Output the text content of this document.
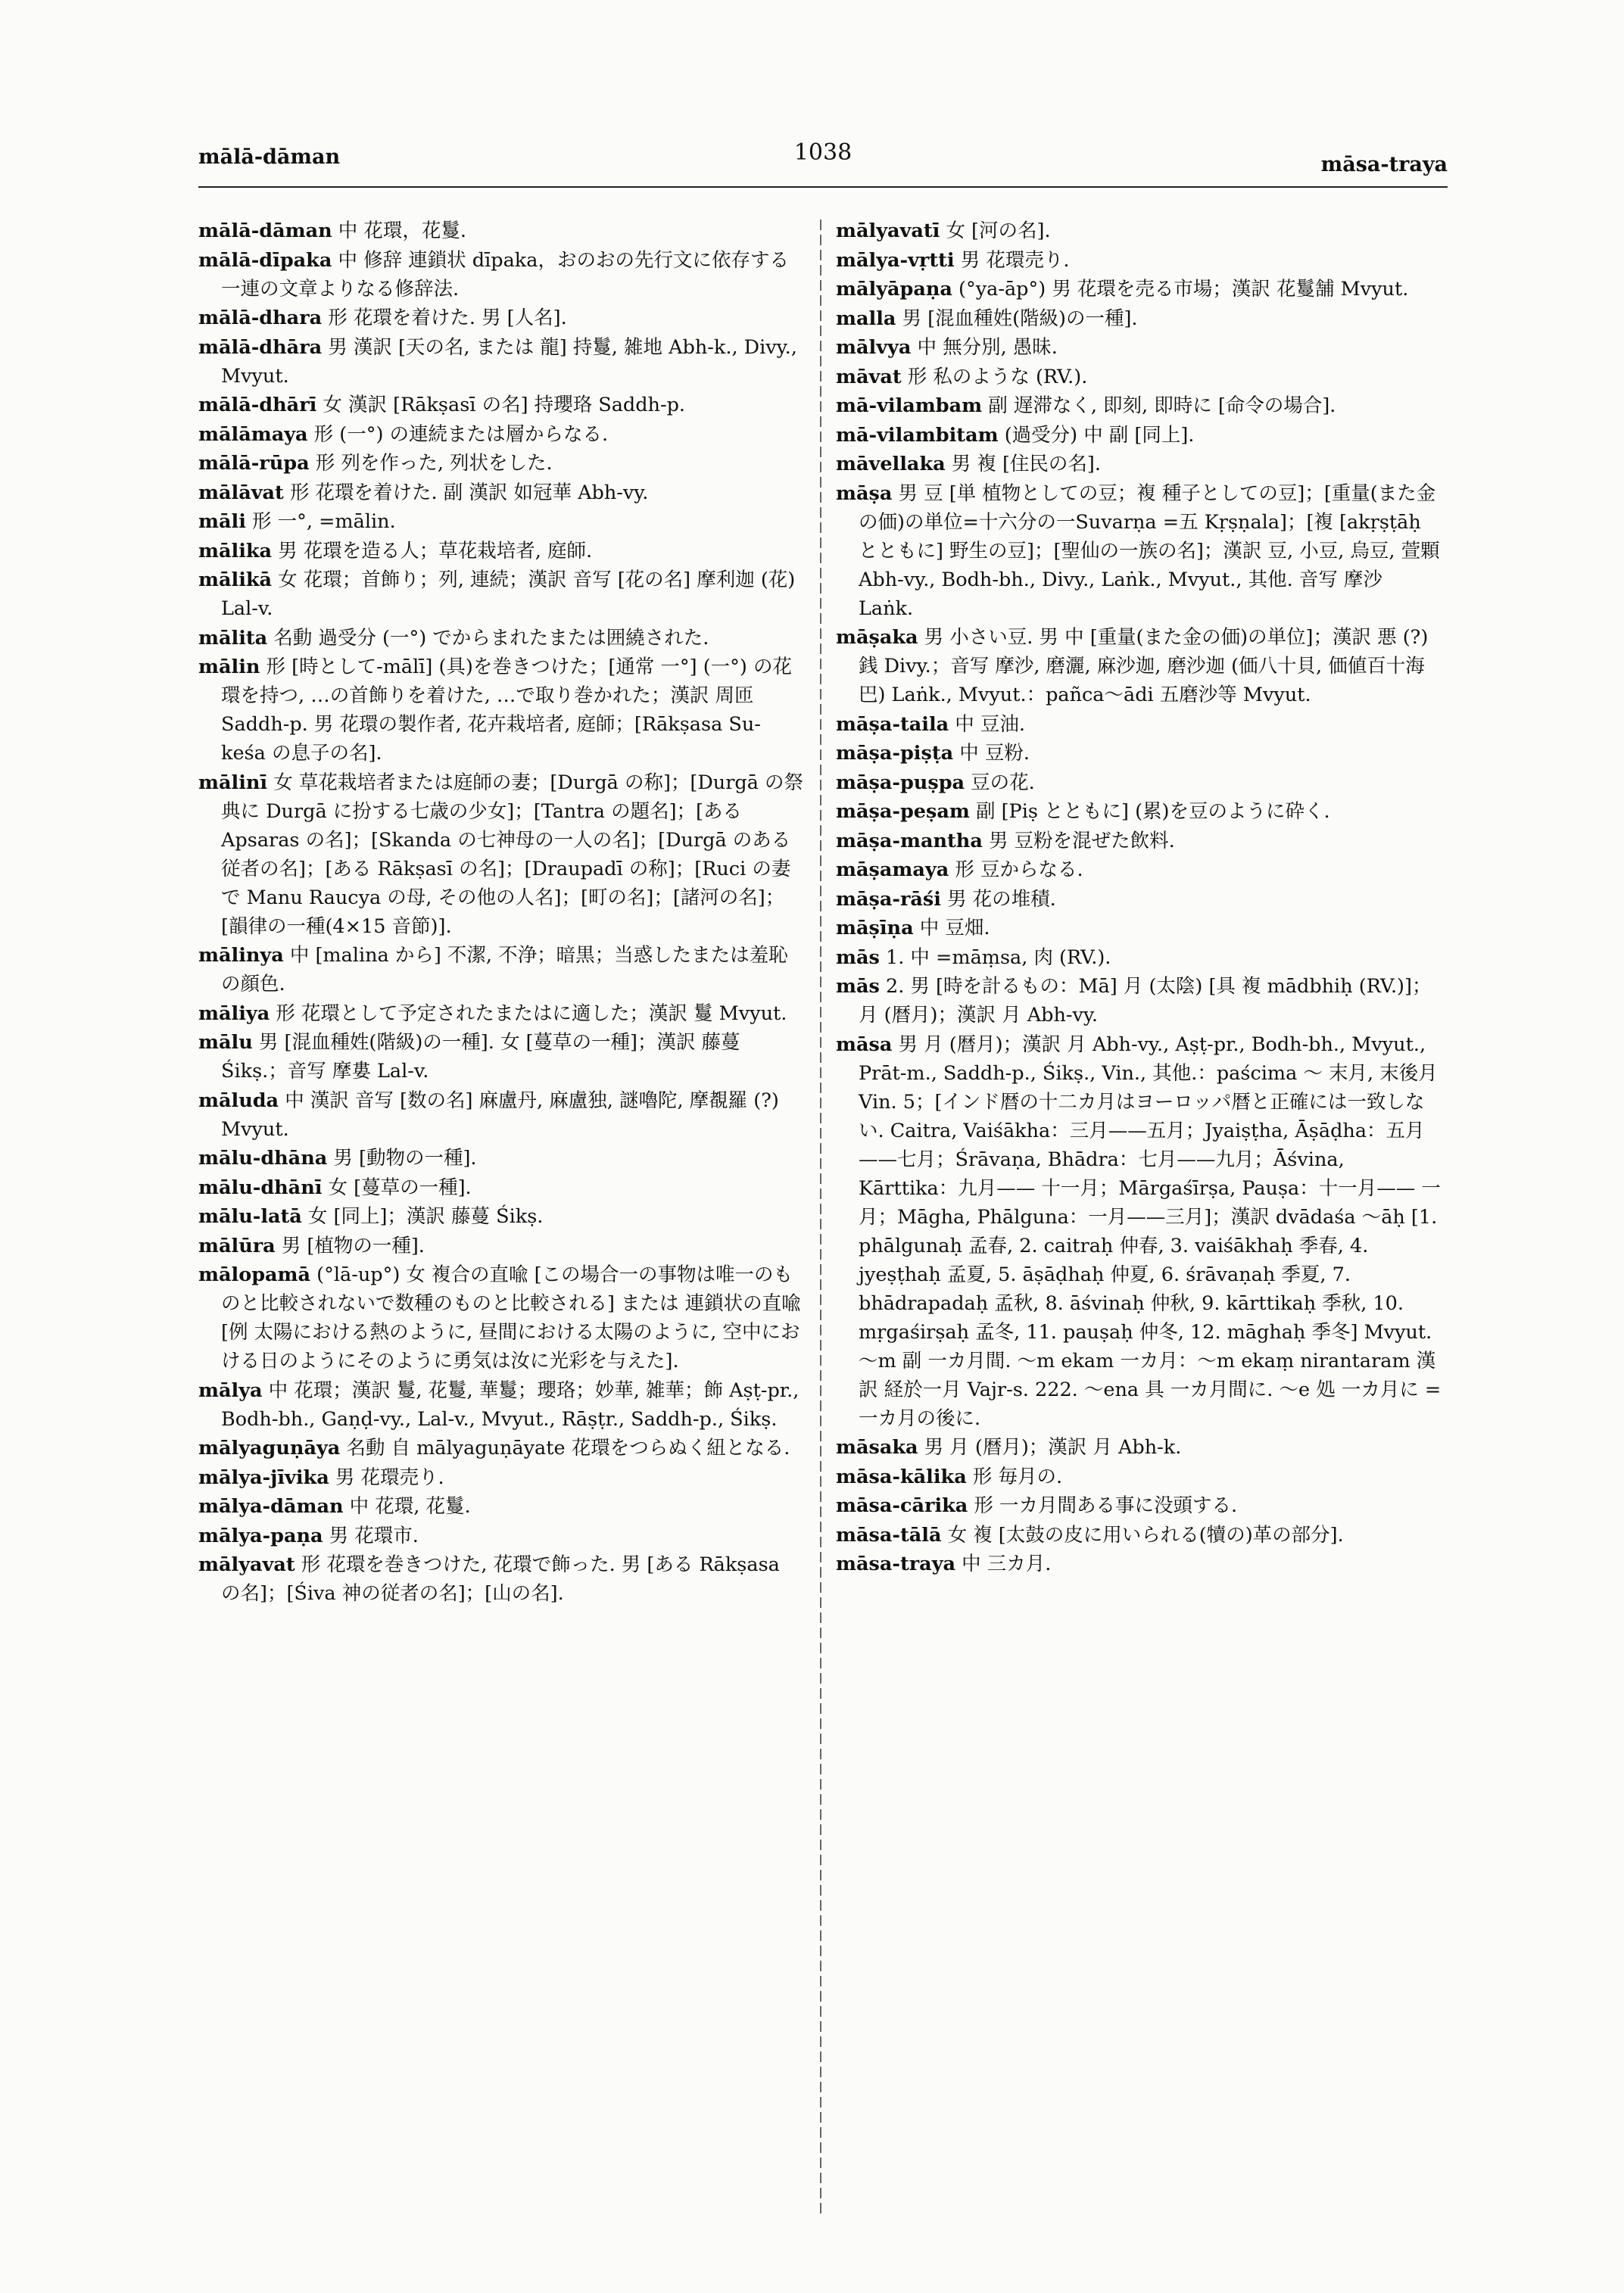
1038
mālā-dāman	māsa-traya
mālā-dāman 中 花環，花鬘.
mālā-dīpaka 中 修辞 連鎖状 dīpaka，おのおの先行文に依存する一連の文章よりなる修辞法.
mālā-dhara 形 花環を着けた. 男 [人名].
mālā-dhāra 男 漢訳 [天の名, または 龍] 持鬘, 雑地 Abh-k., Divy., Mvyut.
mālā-dhārī 女 漢訳 [Rākṣasī の名] 持瓔珞 Saddh-p.
mālāmaya 形 (一°) の連続または層からなる.
mālā-rūpa 形 列を作った, 列状をした.
mālāvat 形 花環を着けた. 副 漢訳 如冠華 Abh-vy.
māli 形 一°, =mālin.
mālika 男 花環を造る人；草花栽培者, 庭師.
mālikā 女 花環；首飾り；列, 連続；漢訳 音写 [花の名] 摩利迦 (花) Lal-v.
mālita 名動 過受分 (一°) でからまれたまたは囲繞された.
mālin 形 [時として-mālī] (具)を巻きつけた；[通常 一°] (一°) の花環を持つ, …の首飾りを着けた, …で取り巻かれた；漢訳 周匝 Saddh-p. 男 花環の製作者, 花卉栽培者, 庭師；[Rākṣasa Su-keśa の息子の名].
mālinī 女 草花栽培者または庭師の妻；[Durgā の称]；[Durgā の祭典に Durgā に扮する七歳の少女]；[Tantra の題名]；[ある Apsaras の名]；[Skanda の七神母の一人の名]；[Durgā のある従者の名]；[ある Rākṣasī の名]；[Draupadī の称]；[Ruci の妻で Manu Raucya の母, その他の人名]；[町の名]；[諸河の名]；[韻律の一種(4×15 音節)].
mālinya 中 [malina から] 不潔, 不浄；暗黒；当惑したまたは羞恥の顔色.
māliya 形 花環として予定されたまたはに適した；漢訳 鬘 Mvyut.
mālu 男 [混血種姓(階級)の一種]. 女 [蔓草の一種]；漢訳 藤蔓 Śikṣ.；音写 摩婁 Lal-v.
māluda 中 漢訳 音写 [数の名] 麻盧丹, 麻盧独, 謎嚕陀, 摩覩羅 (?) Mvyut.
mālu-dhāna 男 [動物の一種].
mālu-dhānī 女 [蔓草の一種].
mālu-latā 女 [同上]；漢訳 藤蔓 Śikṣ.
mālūra 男 [植物の一種].
mālopamā (°lā-up°) 女 複合の直喩 [この場合一の事物は唯一のものと比較されないで数種のものと比較される] または 連鎖状の直喩 [例 太陽における熱のように, 昼間における太陽のように, 空中における日のようにそのように勇気は汝に光彩を与えた].
mālya 中 花環；漢訳 鬘, 花鬘, 華鬘；瓔珞；妙華, 雑華；飾 Aṣṭ-pr., Bodh-bh., Gaṇḍ-vy., Lal-v., Mvyut., Rāṣṭr., Saddh-p., Śikṣ.
mālyaguṇāya 名動 自 mālyaguṇāyate 花環をつらぬく紐となる.
mālya-jīvika 男 花環売り.
mālya-dāman 中 花環, 花鬘.
mālya-paṇa 男 花環市.
mālyavat 形 花環を巻きつけた, 花環で飾った. 男 [ある Rākṣasa の名]；[Śiva 神の従者の名]；[山の名].
mālyavatī 女 [河の名].
mālya-vṛtti 男 花環売り.
mālyāpaṇa (°ya-āp°) 男 花環を売る市場；漢訳 花鬘舗 Mvyut.
malla 男 [混血種姓(階級)の一種].
mālvya 中 無分別, 愚昧.
māvat 形 私のような (RV.).
mā-vilambam 副 遅滞なく, 即刻, 即時に [命令の場合].
mā-vilambitam (過受分) 中 副 [同上].
māvellaka 男 複 [住民の名].
māṣa 男 豆 [単 植物としての豆；複 種子としての豆]；[重量(また金の価)の単位=十六分の一Suvarṇa =五 Kṛṣṇala]；[複 [akṛṣṭāḥ とともに] 野生の豆]；[聖仙の一族の名]；漢訳 豆, 小豆, 烏豆, 萱顆 Abh-vy., Bodh-bh., Divy., Laṅk., Mvyut., 其他. 音写 摩沙 Laṅk.
māṣaka 男 小さい豆. 男 中 [重量(また金の価)の単位]；漢訳 悪 (?) 銭 Divy.；音写 摩沙, 磨灑, 麻沙迦, 磨沙迦 (価八十貝, 価値百十海巴) Laṅk., Mvyut.：pañca～ādi 五磨沙等 Mvyut.
māṣa-taila 中 豆油.
māṣa-piṣṭa 中 豆粉.
māṣa-puṣpa 豆の花.
māṣa-peṣam 副 [Piṣ とともに] (累)を豆のように砕く.
māṣa-mantha 男 豆粉を混ぜた飲料.
māṣamaya 形 豆からなる.
māṣa-rāśi 男 花の堆積.
māṣīṇa 中 豆畑.
mās 1. 中 =māṃsa, 肉 (RV.).
mās 2. 男 [時を計るもの：Mā] 月 (太陰) [具 複 mādbhiḥ (RV.)]；月 (暦月)；漢訳 月 Abh-vy.
māsa 男 月 (暦月)；漢訳 月 Abh-vy., Aṣṭ-pr., Bodh-bh., Mvyut., Prāt-m., Saddh-p., Śikṣ., Vin., 其他.：paścima ～ 末月, 末後月 Vin. 5；[インド暦の十二カ月はヨーロッパ暦と正確には一致しない. Caitra, Vaiśākha：三月——五月；Jyaiṣṭha, Āṣāḍha：五月——七月；Śrāvaṇa, Bhādra：七月——九月；Āśvina, Kārttika：九月—— 十一月；Mārgaśīrṣa, Pauṣa：十一月—— 一月；Māgha, Phālguna：一月——三月]；漢訳 dvādaśa ～āḥ [1. phālgunaḥ 孟春, 2. caitraḥ 仲春, 3. vaiśākhaḥ 季春, 4. jyeṣṭhaḥ 孟夏, 5. āṣāḍhaḥ 仲夏, 6. śrāvaṇaḥ 季夏, 7. bhādrapadaḥ 孟秋, 8. āśvinaḥ 仲秋, 9. kārttikaḥ 季秋, 10. mṛgaśirṣaḥ 孟冬, 11. pauṣaḥ 仲冬, 12. māghaḥ 季冬] Mvyut. ～m 副 一カ月間. ～m ekam 一カ月：～m ekaṃ nirantaram 漢訳 経於一月 Vajr-s. 222. ～ena 具 一カ月間に. ～e 処 一カ月に =一カ月の後に.
māsaka 男 月 (暦月)；漢訳 月 Abh-k.
māsa-kālika 形 毎月の.
māsa-cārika 形 一カ月間ある事に没頭する.
māsa-tālā 女 複 [太鼓の皮に用いられる(犢の)革の部分].
māsa-traya 中 三カ月.
